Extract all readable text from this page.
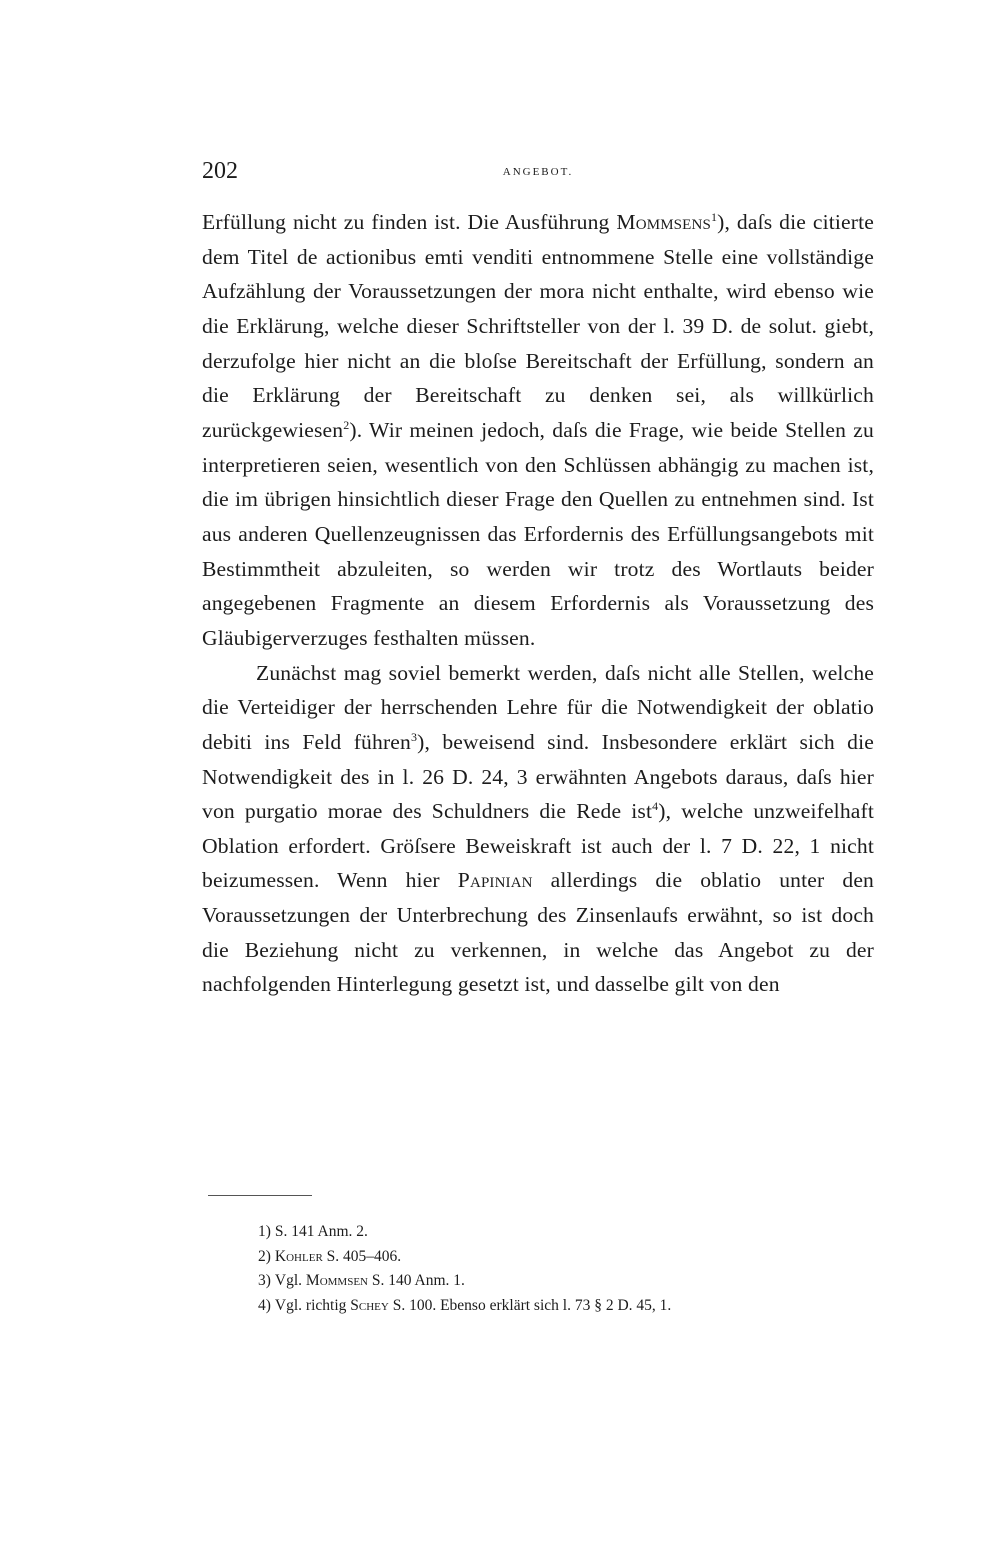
202	ANGEBOT.

Erfüllung nicht zu finden ist. Die Ausführung Mommsens$^1$), daſs die citierte dem Titel de actionibus emti venditi entnommene Stelle eine vollständige Aufzählung der Voraussetzungen der mora nicht enthalte, wird ebenso wie die Erklärung, welche dieser Schriftsteller von der l. 39 D. de solut. giebt, derzufolge hier nicht an die bloſse Bereitschaft der Erfüllung, sondern an die Erklärung der Bereitschaft zu denken sei, als willkürlich zurückgewiesen$^2$). Wir meinen jedoch, daſs die Frage, wie beide Stellen zu interpretieren seien, wesentlich von den Schlüssen abhängig zu machen ist, die im übrigen hinsichtlich dieser Frage den Quellen zu entnehmen sind. Ist aus anderen Quellenzeugnissen das Erfordernis des Erfüllungsangebots mit Bestimmtheit abzuleiten, so werden wir trotz des Wortlauts beider angegebenen Fragmente an diesem Erfordernis als Voraussetzung des Gläubigerverzuges festhalten müssen.

Zunächst mag soviel bemerkt werden, daſs nicht alle Stellen, welche die Verteidiger der herrschenden Lehre für die Notwendigkeit der oblatio debiti ins Feld führen$^3$), beweisend sind. Insbesondere erklärt sich die Notwendigkeit des in l. 26 D. 24, 3 erwähnten Angebots daraus, daſs hier von purgatio morae des Schuldners die Rede ist$^4$), welche unzweifelhaft Oblation erfordert. Gröſsere Beweiskraft ist auch der l. 7 D. 22, 1 nicht beizumessen. Wenn hier Papinian allerdings die oblatio unter den Voraussetzungen der Unterbrechung des Zinsenlaufs erwähnt, so ist doch die Beziehung nicht zu verkennen, in welche das Angebot zu der nachfolgenden Hinterlegung gesetzt ist, und dasselbe gilt von den

1) S. 141 Anm. 2.
2) Kohler S. 405–406.
3) Vgl. Mommsen S. 140 Anm. 1.
4) Vgl. richtig Schey S. 100. Ebenso erklärt sich l. 73 § 2 D. 45, 1.
